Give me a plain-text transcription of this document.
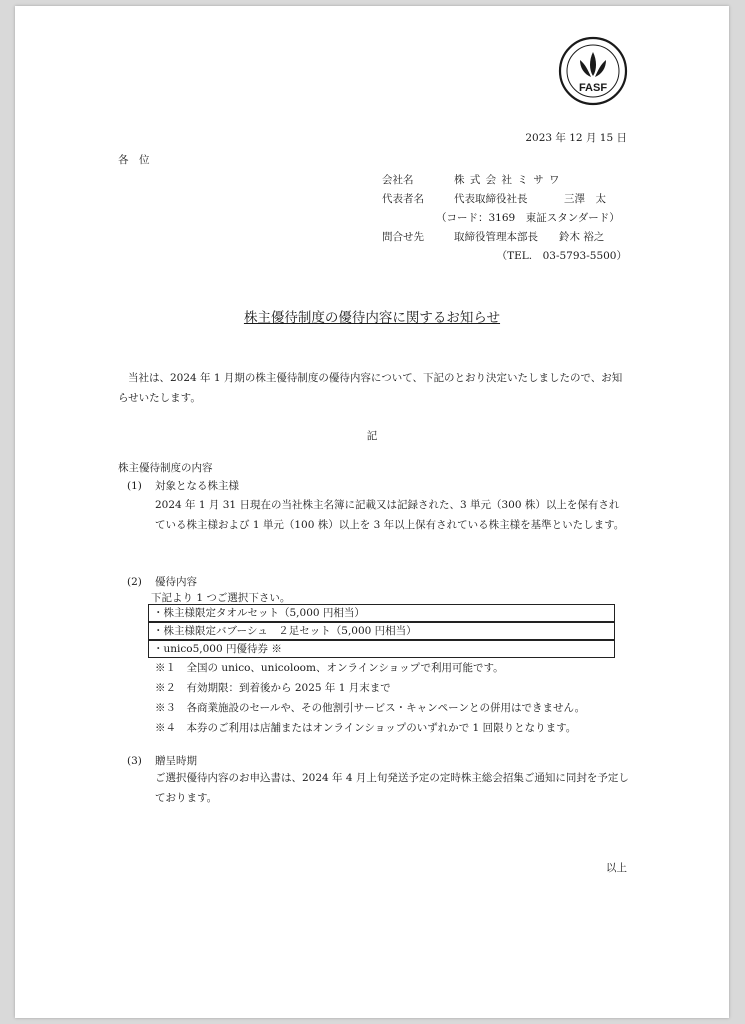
FASF
2023 年 12 月 15 日
各　位
会社名	株 式 会 社 ミ サ ワ
代表者名	代表取締役社長	三澤　太
（コード：3169　東証スタンダード）
問合せ先	取締役管理本部長 鈴木 裕之
（TEL.　03-5793-5500）
株主優待制度の優待内容に関するお知らせ
当社は、2024 年 1 月期の株主優待制度の優待内容について、下記のとおり決定いたしましたので、お知らせいたします。
記
株主優待制度の内容
(1) 対象となる株主様
2024 年 1 月 31 日現在の当社株主名簿に記載又は記録された、3 単元（300 株）以上を保有されている株主様および 1 単元（100 株）以上を 3 年以上保有されている株主様を基準といたします。
(2) 優待内容
下記より 1 つご選択下さい。
・株主様限定タオルセット（5,000 円相当）
・株主様限定バブーシュ　２足セット（5,000 円相当）
・unico5,000 円優待券 ※
※１　全国の unico、unicoloom、オンラインショップで利用可能です。
※２　有効期限：到着後から 2025 年 1 月末まで
※３　各商業施設のセールや、その他割引サービス・キャンペーンとの併用はできません。
※４　本券のご利用は店舗またはオンラインショップのいずれかで 1 回限りとなります。
(3) 贈呈時期
ご選択優待内容のお申込書は、2024 年 4 月上旬発送予定の定時株主総会招集ご通知に同封を予定しております。
以上
